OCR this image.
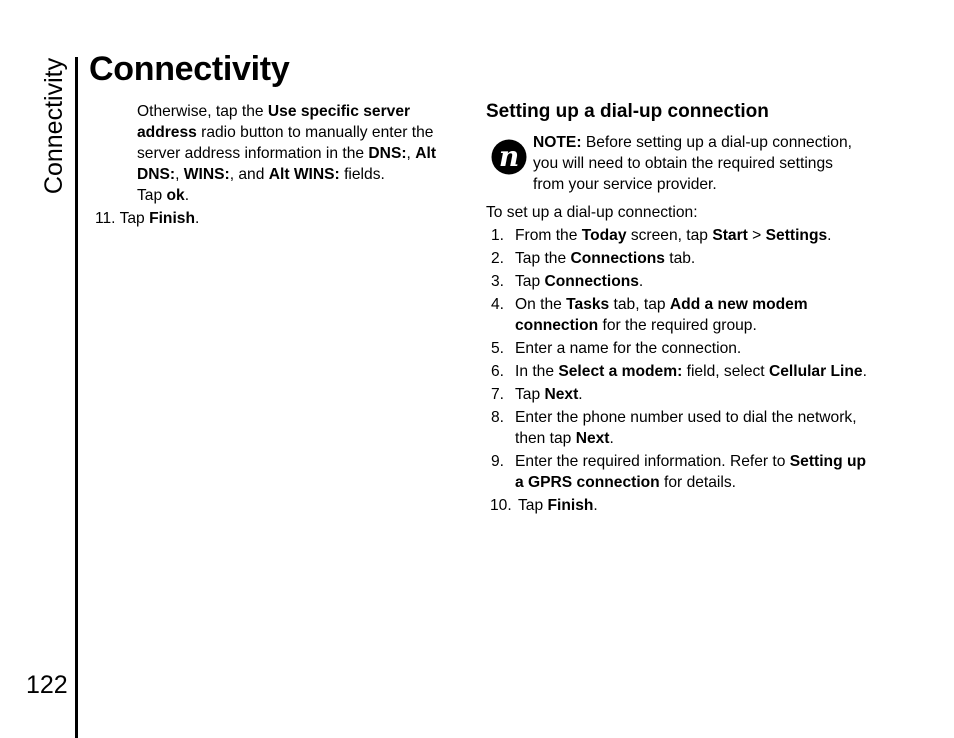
Connectivity
122
Connectivity
Otherwise, tap the Use specific server address radio button to manually enter the server address information in the DNS:, Alt DNS:, WINS:, and Alt WINS: fields.
Tap ok.
11. Tap Finish.
Setting up a dial-up connection
n NOTE: Before setting up a dial-up connection, you will need to obtain the required settings from your service provider.
To set up a dial-up connection:
1. From the Today screen, tap Start > Settings.
2. Tap the Connections tab.
3. Tap Connections.
4. On the Tasks tab, tap Add a new modem connection for the required group.
5. Enter a name for the connection.
6. In the Select a modem: field, select Cellular Line.
7. Tap Next.
8. Enter the phone number used to dial the network, then tap Next.
9. Enter the required information. Refer to Setting up a GPRS connection for details.
10. Tap Finish.
